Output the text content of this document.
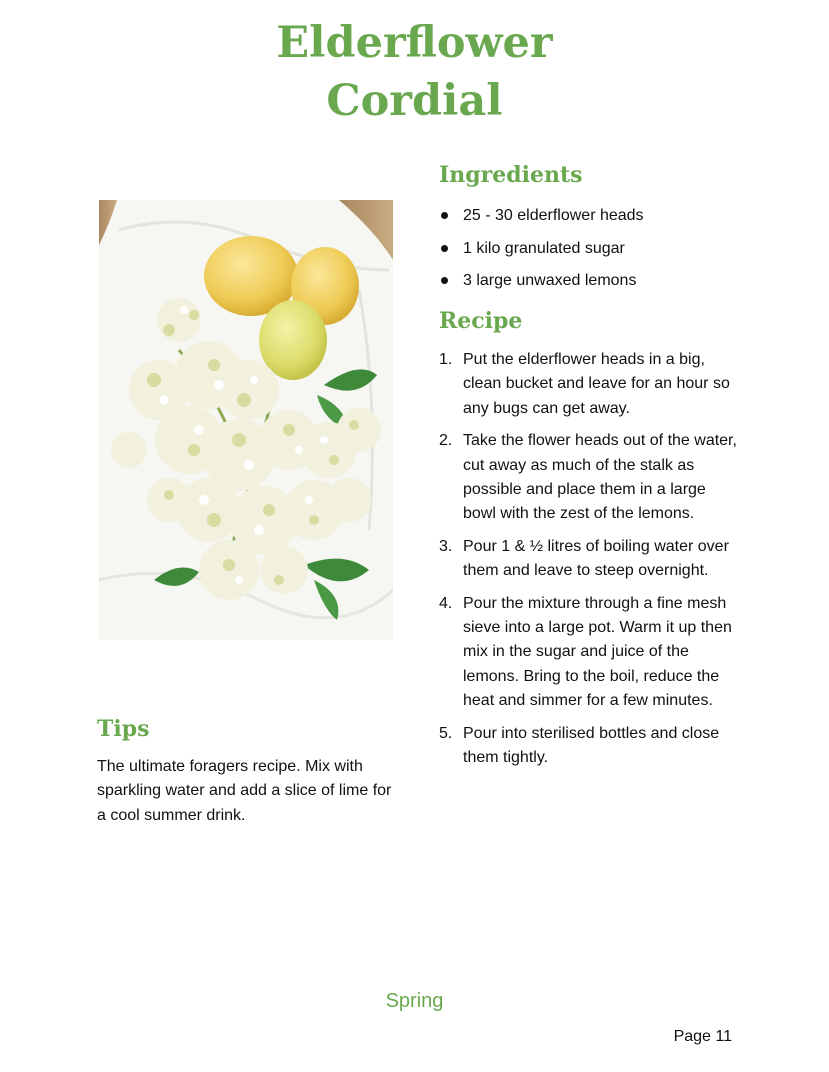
Elderflower
Cordial
Ingredients
25 - 30 elderflower heads
1 kilo granulated sugar
3 large unwaxed lemons
Recipe
1. Put the elderflower heads in a big, clean bucket and leave for an hour so any bugs can get away.
2. Take the flower heads out of the water, cut away as much of the stalk as possible and place them in a large bowl with the zest of the lemons.
3. Pour 1 & ½ litres of boiling water over them and leave to steep overnight.
4. Pour the mixture through a fine mesh sieve into a large pot. Warm it up then mix in the sugar and juice of the lemons. Bring to the boil, reduce the heat and simmer for a few minutes.
5. Pour into sterilised bottles and close them tightly.
Tips

The ultimate foragers recipe. Mix with sparkling water and add a slice of lime for a cool summer drink.

Spring
Page 11
